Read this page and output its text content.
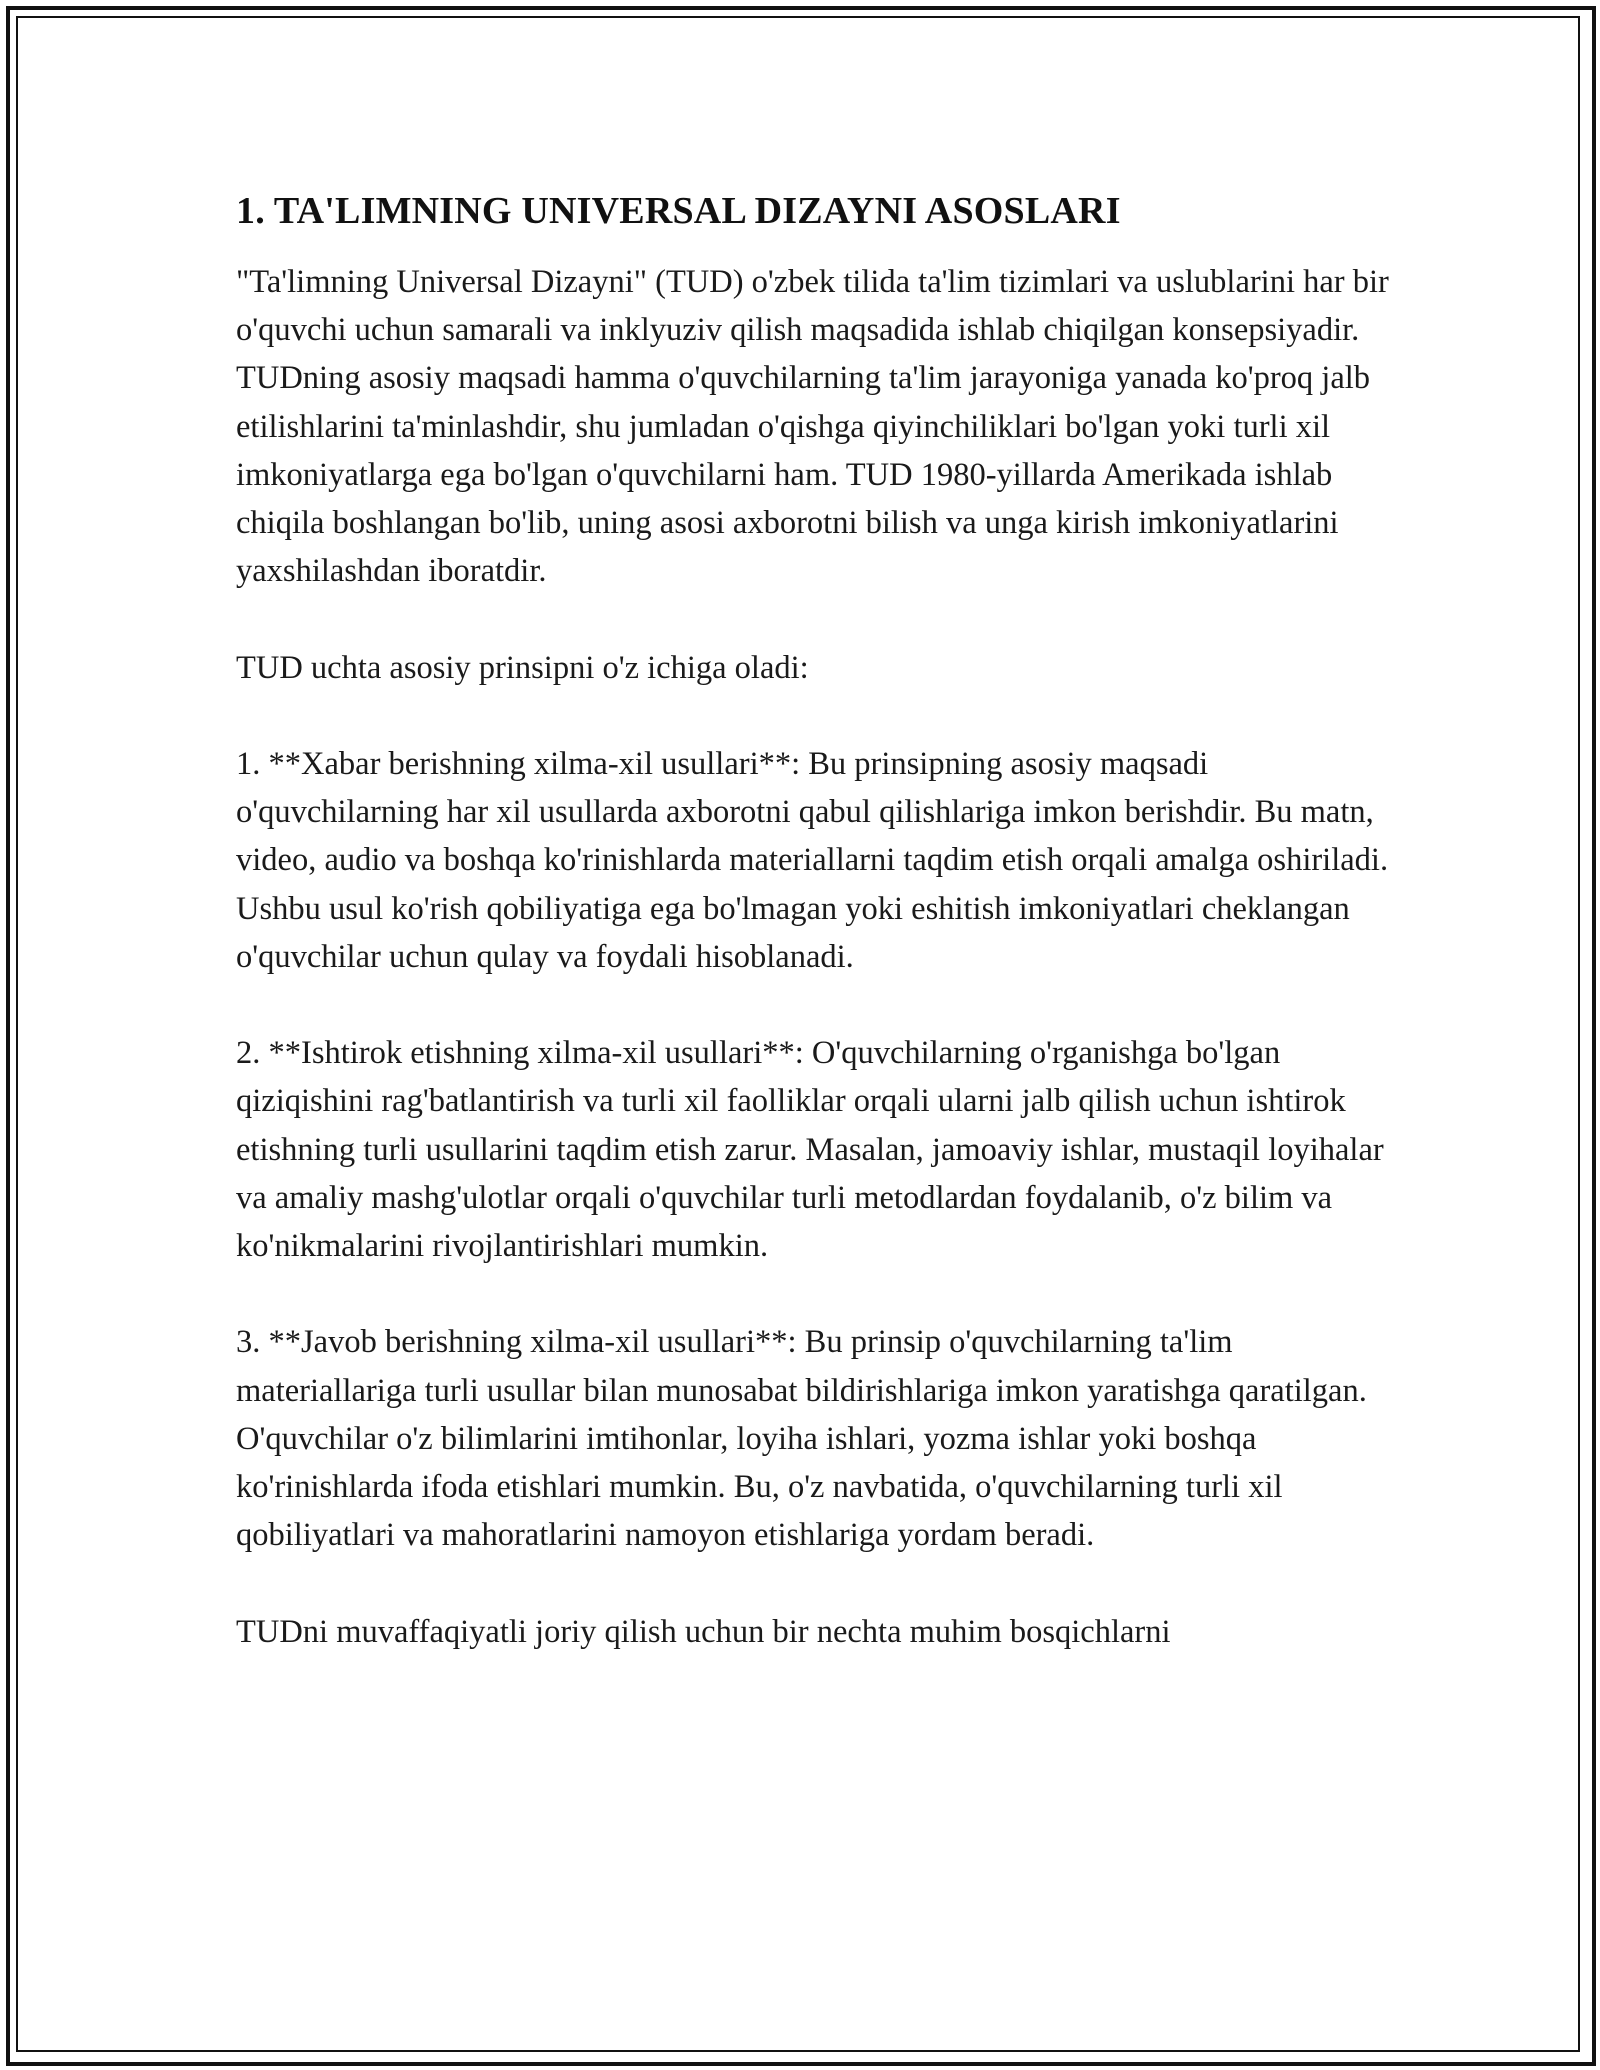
1. TA'LIMNING UNIVERSAL DIZAYNI ASOSLARI

"Ta'limning Universal Dizayni" (TUD) o'zbek tilida ta'lim tizimlari va uslublarini har bir o'quvchi uchun samarali va inklyuziv qilish maqsadida ishlab chiqilgan konsepsiyadir. TUDning asosiy maqsadi hamma o'quvchilarning ta'lim jarayoniga yanada ko'proq jalb etilishlarini ta'minlashdir, shu jumladan o'qishga qiyinchiliklari bo'lgan yoki turli xil imkoniyatlarga ega bo'lgan o'quvchilarni ham. TUD 1980-yillarda Amerikada ishlab chiqila boshlangan bo'lib, uning asosi axborotni bilish va unga kirish imkoniyatlarini yaxshilashdan iboratdir.

TUD uchta asosiy prinsipni o'z ichiga oladi:

1. **Xabar berishning xilma-xil usullari**: Bu prinsipning asosiy maqsadi o'quvchilarning har xil usullarda axborotni qabul qilishlariga imkon berishdir. Bu matn, video, audio va boshqa ko'rinishlarda materiallarni taqdim etish orqali amalga oshiriladi. Ushbu usul ko'rish qobiliyatiga ega bo'lmagan yoki eshitish imkoniyatlari cheklangan o'quvchilar uchun qulay va foydali hisoblanadi.

2. **Ishtirok etishning xilma-xil usullari**: O'quvchilarning o'rganishga bo'lgan qiziqishini rag'batlantirish va turli xil faolliklar orqali ularni jalb qilish uchun ishtirok etishning turli usullarini taqdim etish zarur. Masalan, jamoaviy ishlar, mustaqil loyihalar va amaliy mashg'ulotlar orqali o'quvchilar turli metodlardan foydalanib, o'z bilim va ko'nikmalarini rivojlantirishlari mumkin.

3. **Javob berishning xilma-xil usullari**: Bu prinsip o'quvchilarning ta'lim materiallariga turli usullar bilan munosabat bildirishlariga imkon yaratishga qaratilgan. O'quvchilar o'z bilimlarini imtihonlar, loyiha ishlari, yozma ishlar yoki boshqa ko'rinishlarda ifoda etishlari mumkin. Bu, o'z navbatida, o'quvchilarning turli xil qobiliyatlari va mahoratlarini namoyon etishlariga yordam beradi.

TUDni muvaffaqiyatli joriy qilish uchun bir nechta muhim bosqichlarni
